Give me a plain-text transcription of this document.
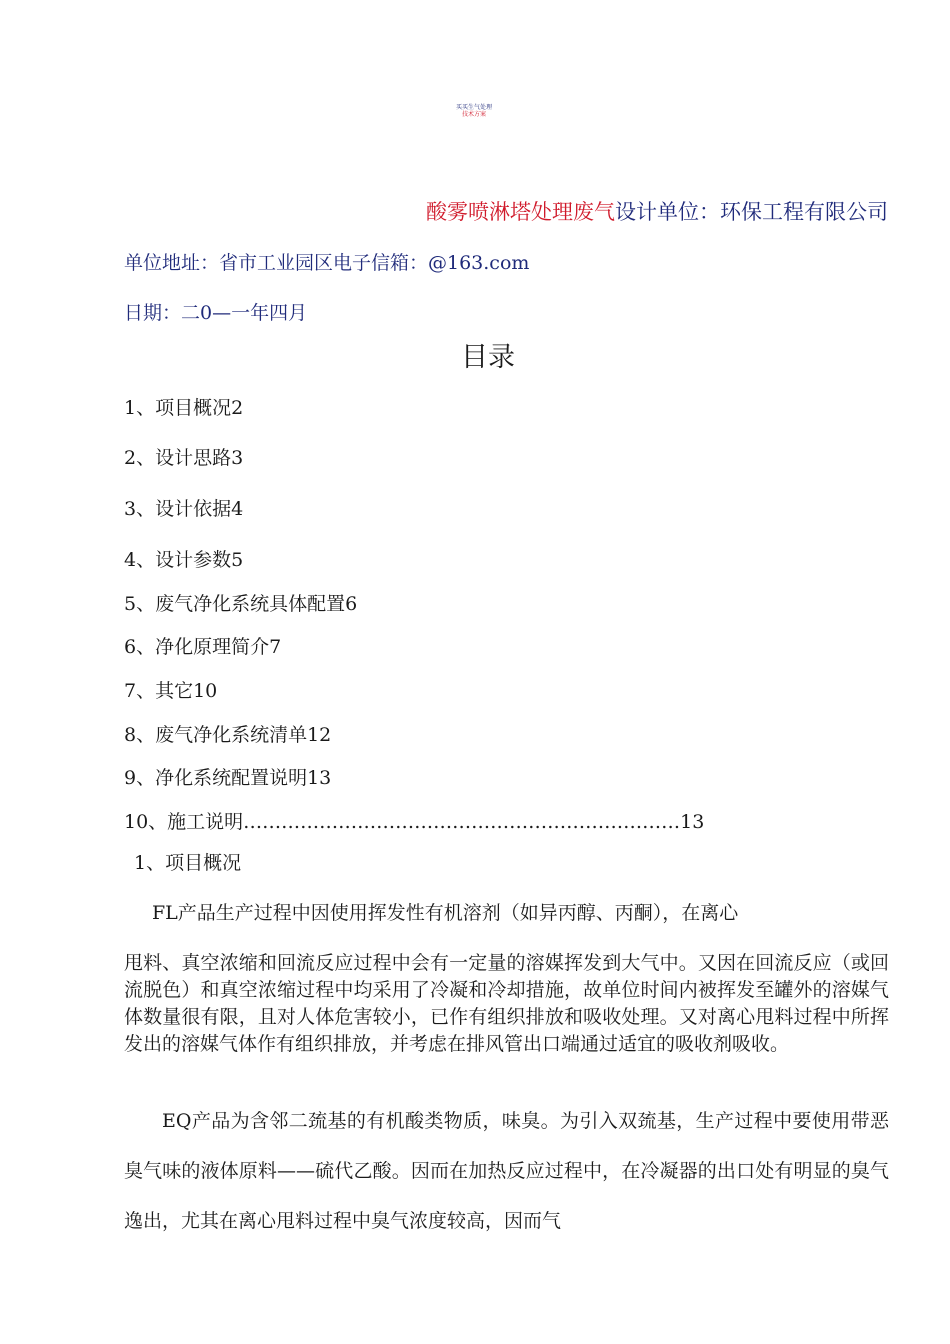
买买生气处理
技术方案
酸雾喷淋塔处理废气设计单位：环保工程有限公司
单位地址：省市工业园区电子信箱：@163.com
日期：二0—一年四月
目录
1、项目概况2
2、设计思路3
3、设计依据4
4、设计参数5
5、废气净化系统具体配置6
6、净化原理简介7
7、其它10
8、废气净化系统清单12
9、净化系统配置说明13
10、施工说明……………………………………………………………13
1、项目概况
FL产品生产过程中因使用挥发性有机溶剂（如异丙醇、丙酮），在离心
甩料、真空浓缩和回流反应过程中会有一定量的溶媒挥发到大气中。又因在回流反应（或回流脱色）和真空浓缩过程中均采用了冷凝和冷却措施，故单位时间内被挥发至罐外的溶媒气体数量很有限，且对人体危害较小，已作有组织排放和吸收处理。又对离心甩料过程中所挥发出的溶媒气体作有组织排放，并考虑在排风管出口端通过适宜的吸收剂吸收。
EQ产品为含邻二巯基的有机酸类物质，味臭。为引入双巯基，生产过程中要使用带恶臭气味的液体原料——硫代乙酸。因而在加热反应过程中，在冷凝器的出口处有明显的臭气逸出，尤其在离心甩料过程中臭气浓度较高，因而气
